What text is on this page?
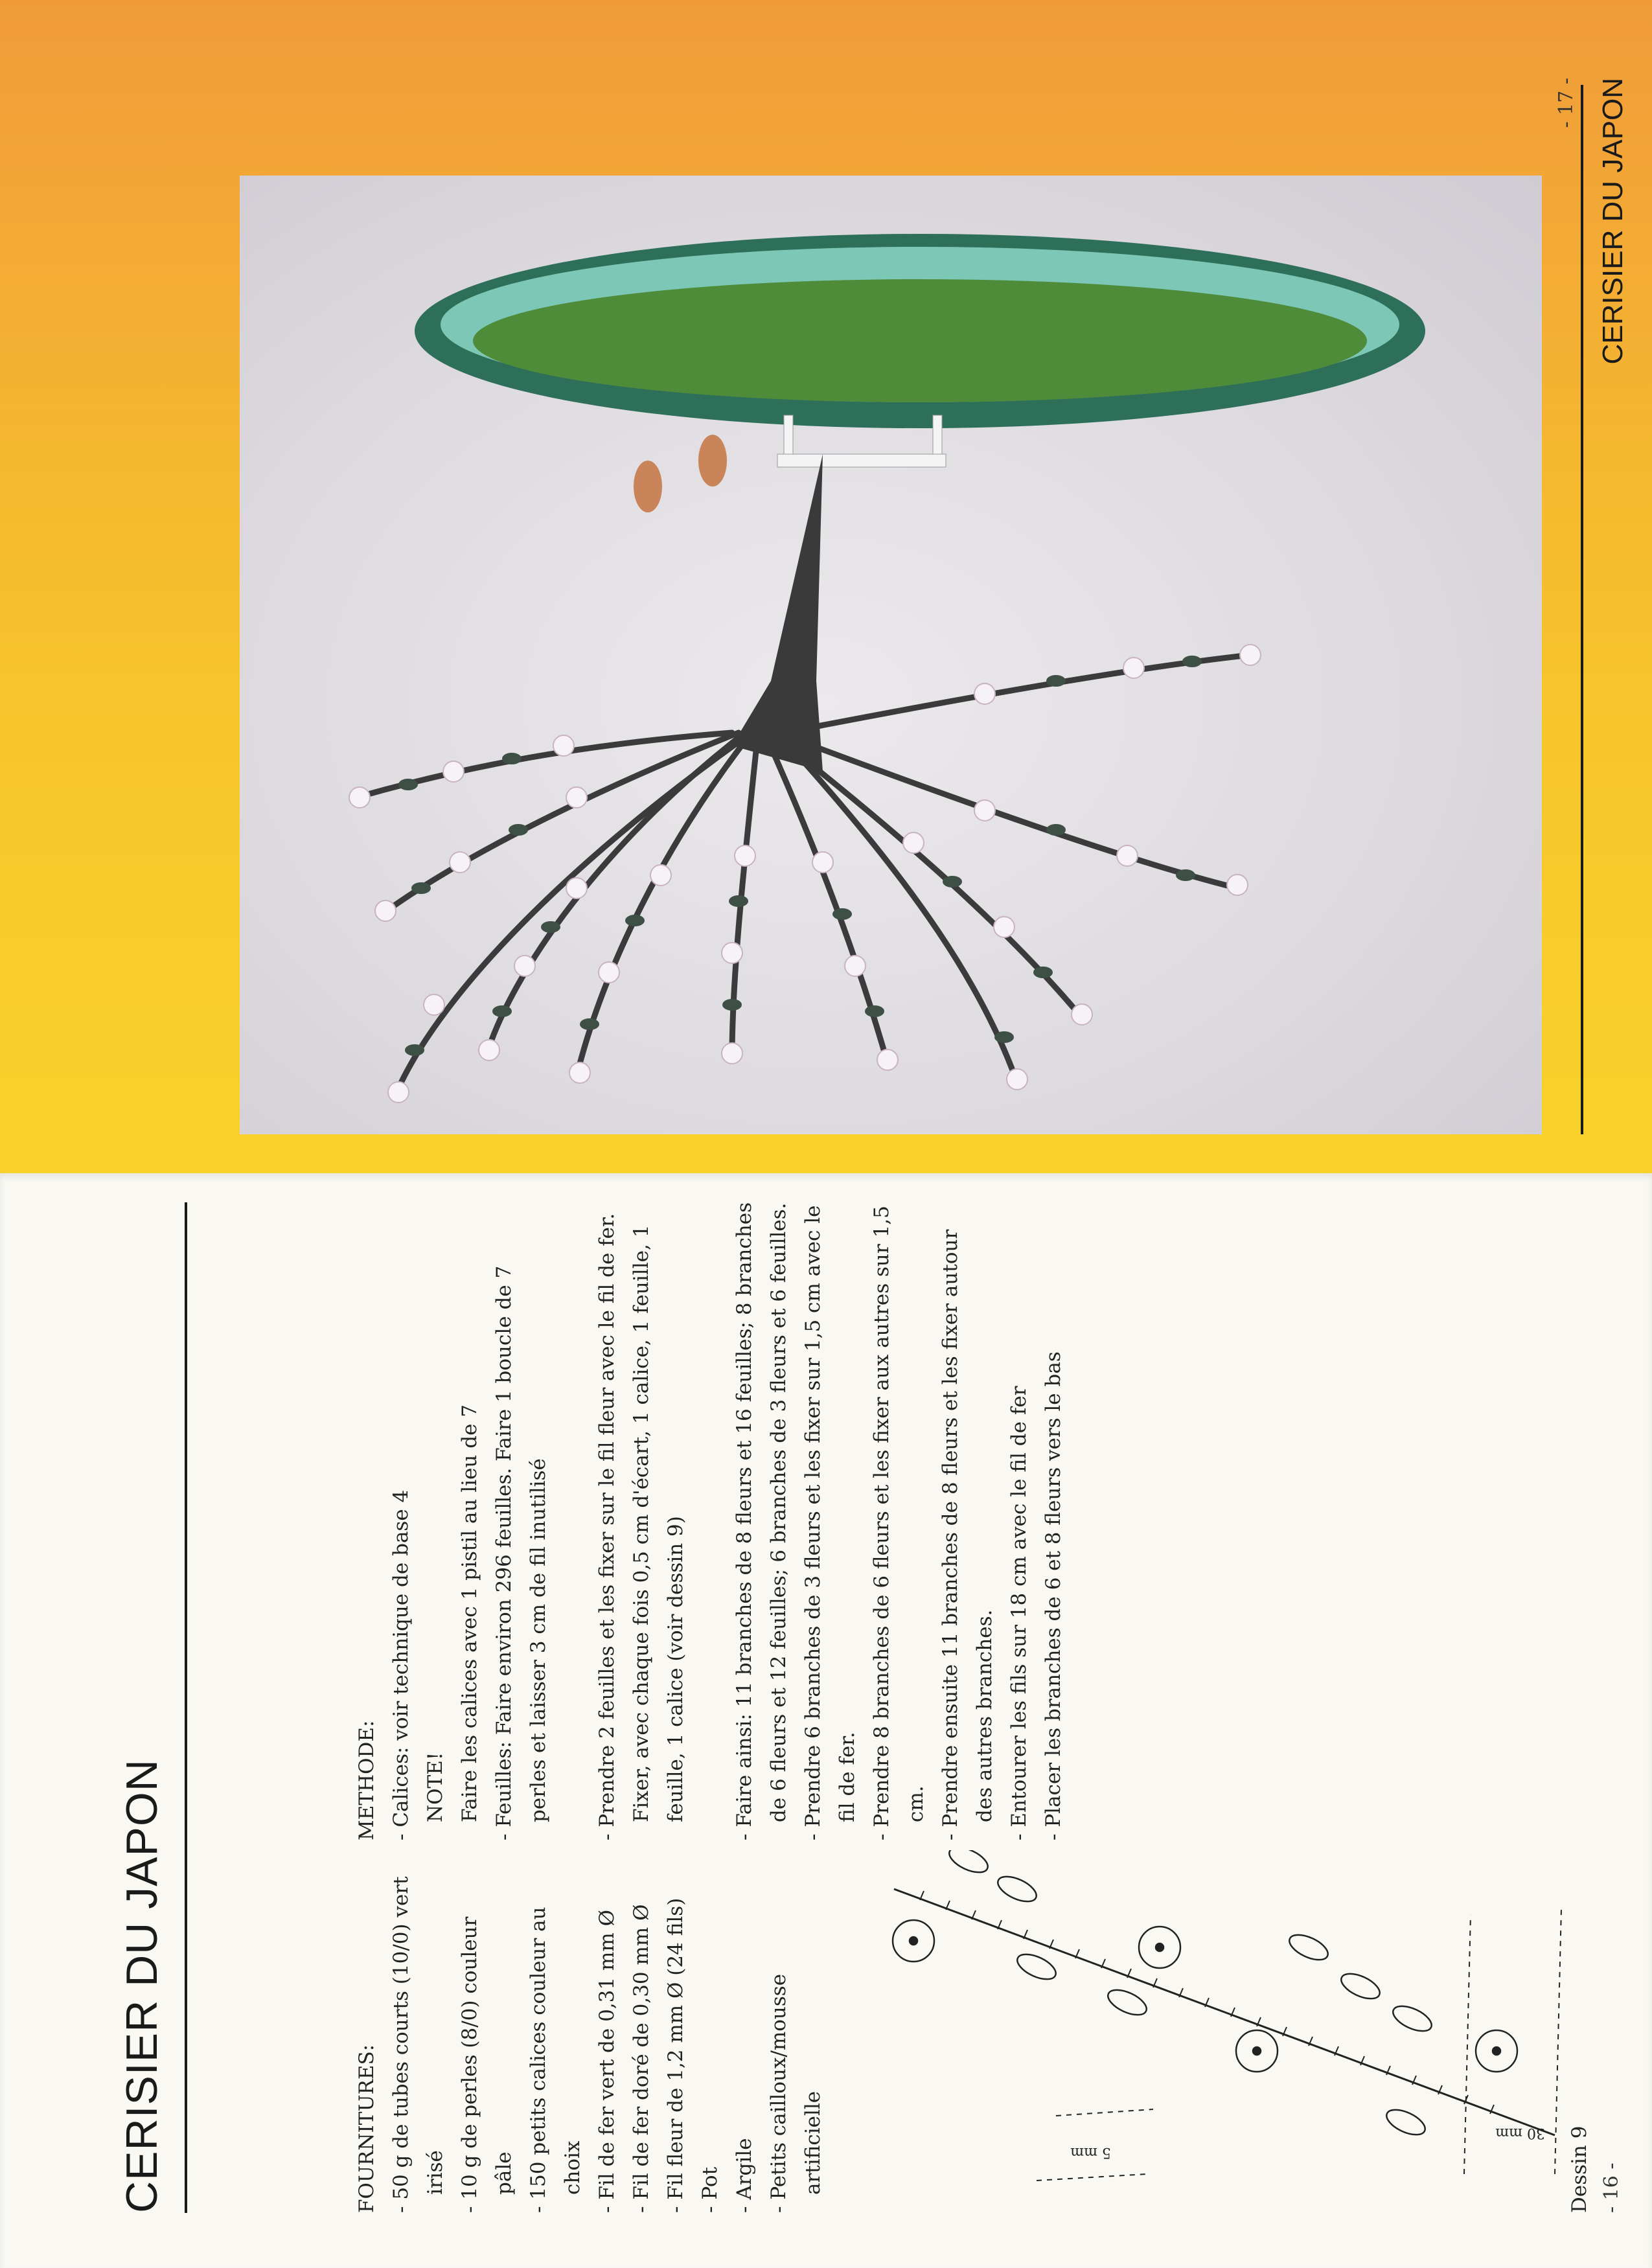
CERISIER DU JAPON	FOURNITURES: - 50 g de tubes courts (10/0) vert irisé - 10 g de perles (8/0) couleur pâle - 150 petits calices couleur au choix - Fil de fer vert de 0,31 mm Ø - Fil de fer doré de 0,30 mm Ø - Fil fleur de 1,2 mm Ø (24 fils) - Pot - Argile - Petits cailloux/mousse artificielle

METHODE: - Calices: voir technique de base 4 NOTE! Faire les calices avec 1 pistil au lieu de 7 - Feuilles: Faire environ 296 feuilles. Faire 1 boucle de 7 perles et laisser 3 cm de fil inutilisé - Prendre 2 feuilles et les fixer sur le fil fleur avec le fil de fer. Fixer, avec chaque fois 0,5 cm d'écart, 1 calice, 1 feuille, 1 feuille, 1 calice (voir dessin 9) - Faire ainsi: 11 branches de 8 fleurs et 16 feuilles; 8 branches de 6 fleurs et 12 feuilles; 6 branches de 3 fleurs et 6 feuilles. - Prendre 6 branches de 3 fleurs et les fixer sur 1,5 cm avec le fil de fer. - Prendre 8 branches de 6 fleurs et les fixer aux autres sur 1,5 cm. - Prendre ensuite 11 branches de 8 fleurs et les fixer autour des autres branches. - Entourer les fils sur 18 cm avec le fil de fer - Placer les branches de 6 et 8 fleurs vers le bas
5 mm
30 mm Dessin 9 - 16 -
CERISIER DU JAPON
- 17 -
